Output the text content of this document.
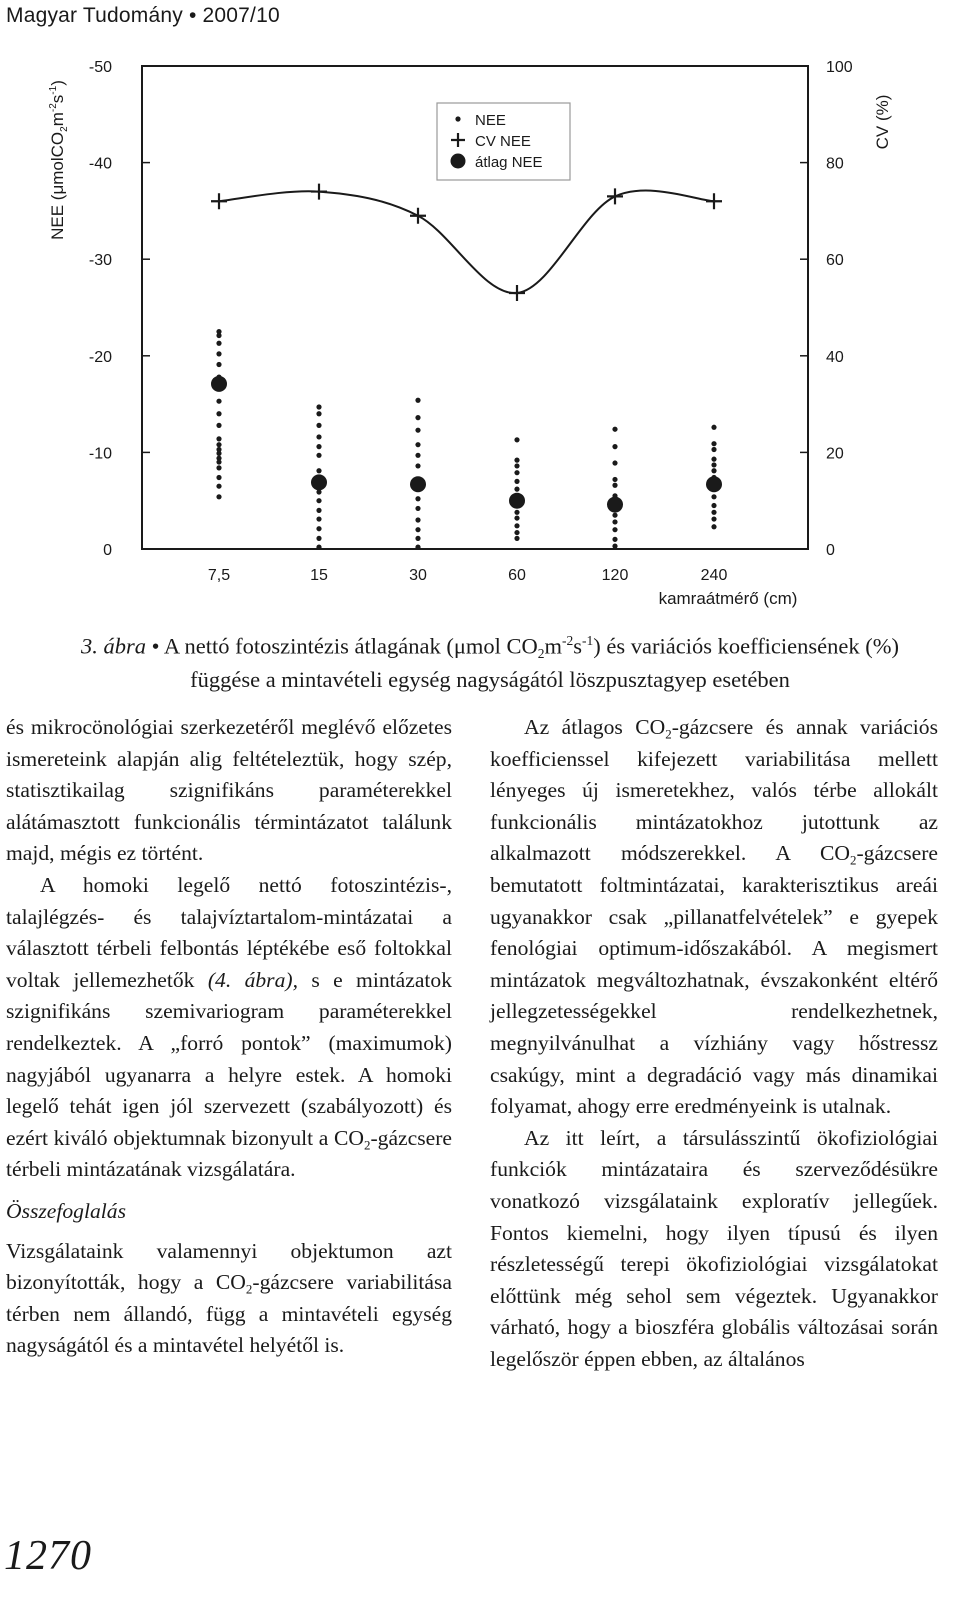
Magyar Tudomány • 2007/10
-50
-40
-30
-20
-10
0
100
80
60
40
20
0
7,5	15	30	60	120	240
kamraátmérő (cm)
NEE $(\mu molCO_2m^{-2}s^{-1})$
CV (%)
NEE
CV NEE
átlag NEE
3. ábra • A nettó fotoszintézis átlagának (μmol $CO_2m^{-2}s^{-1}$) és variációs koefficiensének (%)
függése a mintavételi egység nagyságától löszpusztagyep esetében

és mikrocönológiai szerkezetéről meglévő előzetes ismereteink alapján alig feltételeztük, hogy szép, statisztikailag szignifikáns paraméterekkel alátámasztott funkcionális términtázatot találunk majd, mégis ez történt.

A homoki legelő nettó fotoszintézis-, talajlégzés- és talajvíztartalom-mintázatai a választott térbeli felbontás léptékébe eső foltokkal voltak jellemezhetők (4. ábra), s e mintázatok szignifikáns szemivariogram paraméterekkel rendelkeztek. A „forró pontok” (maximumok) nagyjából ugyanarra a helyre estek. A homoki legelő tehát igen jól szervezett (szabályozott) és ezért kiváló objektumnak bizonyult a $CO_2$-gázcsere térbeli mintázatának vizsgálatára.

Összefoglalás

Vizsgálataink valamennyi objektumon azt bizonyították, hogy a $CO_2$-gázcsere variabilitása térben nem állandó, függ a mintavételi egység nagyságától és a mintavétel helyétől is.

Az átlagos $CO_2$-gázcsere és annak variációs koefficienssel kifejezett variabilitása mellett lényeges új ismeretekhez, valós térbe allokált funkcionális mintázatokhoz jutottunk az alkalmazott módszerekkel. A $CO_2$-gázcsere bemutatott foltmintázatai, karakterisztikus areái ugyanakkor csak „pillanatfelvételek” e gyepek fenológiai optimum-időszakából. A megismert mintázatok megváltozhatnak, évszakonként eltérő jellegzetességekkel rendelkezhetnek, megnyilvánulhat a vízhiány vagy hőstressz csakúgy, mint a degradáció vagy más dinamikai folyamat, ahogy erre eredményeink is utalnak.

Az itt leírt, a társulásszintű ökofiziológiai funkciók mintázataira és szerveződésükre vonatkozó vizsgálataink exploratív jellegűek. Fontos kiemelni, hogy ilyen típusú és ilyen részletességű terepi ökofiziológiai vizsgálatokat előttünk még sehol sem végeztek. Ugyanakkor várható, hogy a bioszféra globális változásai során legelőször éppen ebben, az általános

1270
